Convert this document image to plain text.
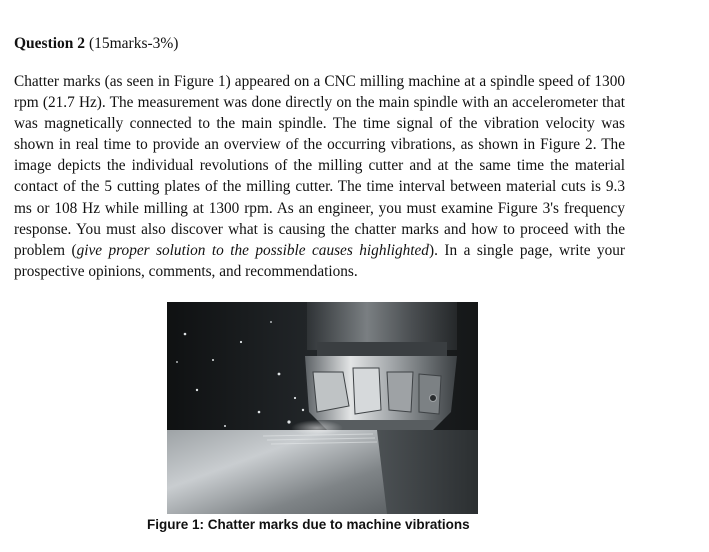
Question 2 (15marks-3%)

Chatter marks (as seen in Figure 1) appeared on a CNC milling machine at a spindle speed of 1300
rpm (21.7 Hz). The measurement was done directly on the main spindle with an accelerometer that
was magnetically connected to the main spindle. The time signal of the vibration velocity was
shown in real time to provide an overview of the occurring vibrations, as shown in Figure 2. The
image depicts the individual revolutions of the milling cutter and at the same time the material
contact of the 5 cutting plates of the milling cutter. The time interval between material cuts is 9.3
ms or 108 Hz while milling at 1300 rpm. As an engineer, you must examine Figure 3's frequency
response. You must also discover what is causing the chatter marks and how to proceed with the
problem (give proper solution to the possible causes highlighted). In a single page, write your
prospective opinions, comments, and recommendations.

Figure 1: Chatter marks due to machine vibrations
